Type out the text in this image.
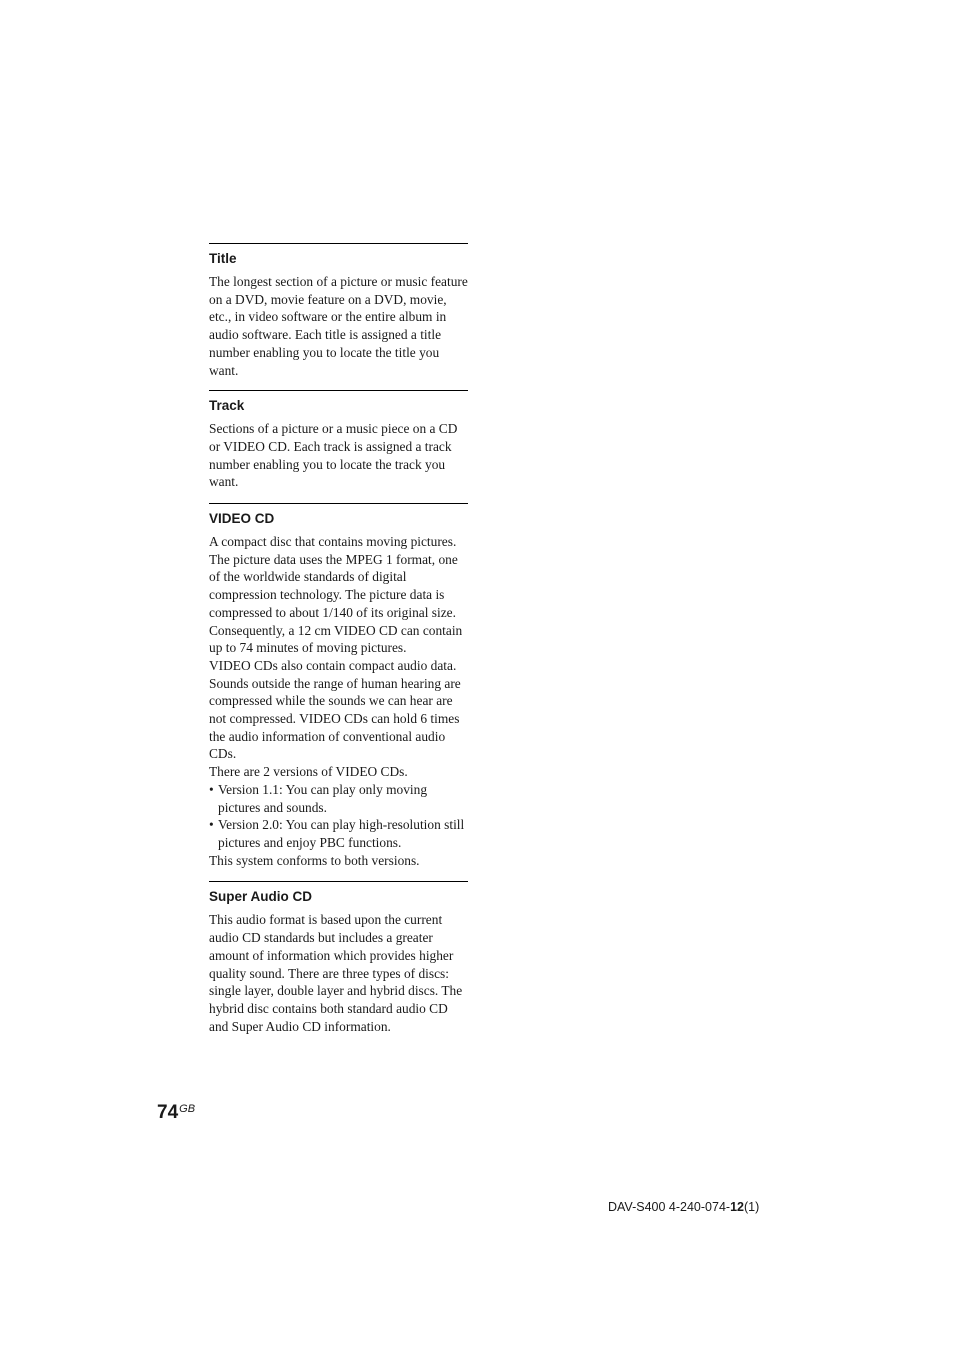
Title

The longest section of a picture or music feature on a DVD, movie feature on a DVD, movie, etc., in video software or the entire album in audio software. Each title is assigned a title number enabling you to locate the title you want.

Track

Sections of a picture or a music piece on a CD or VIDEO CD. Each track is assigned a track number enabling you to locate the track you want.

VIDEO CD

A compact disc that contains moving pictures.

The picture data uses the MPEG 1 format, one of the worldwide standards of digital compression technology. The picture data is compressed to about 1/140 of its original size. Consequently, a 12 cm VIDEO CD can contain up to 74 minutes of moving pictures.

VIDEO CDs also contain compact audio data. Sounds outside the range of human hearing are compressed while the sounds we can hear are not compressed. VIDEO CDs can hold 6 times the audio information of conventional audio CDs.

There are 2 versions of VIDEO CDs.

• Version 1.1: You can play only moving pictures and sounds.
• Version 2.0: You can play high-resolution still pictures and enjoy PBC functions.

This system conforms to both versions.

Super Audio CD

This audio format is based upon the current audio CD standards but includes a greater amount of information which provides higher quality sound. There are three types of discs: single layer, double layer and hybrid discs. The hybrid disc contains both standard audio CD and Super Audio CD information.

$74^{GB}$
DAV-S400 4-240-074-12(1)
